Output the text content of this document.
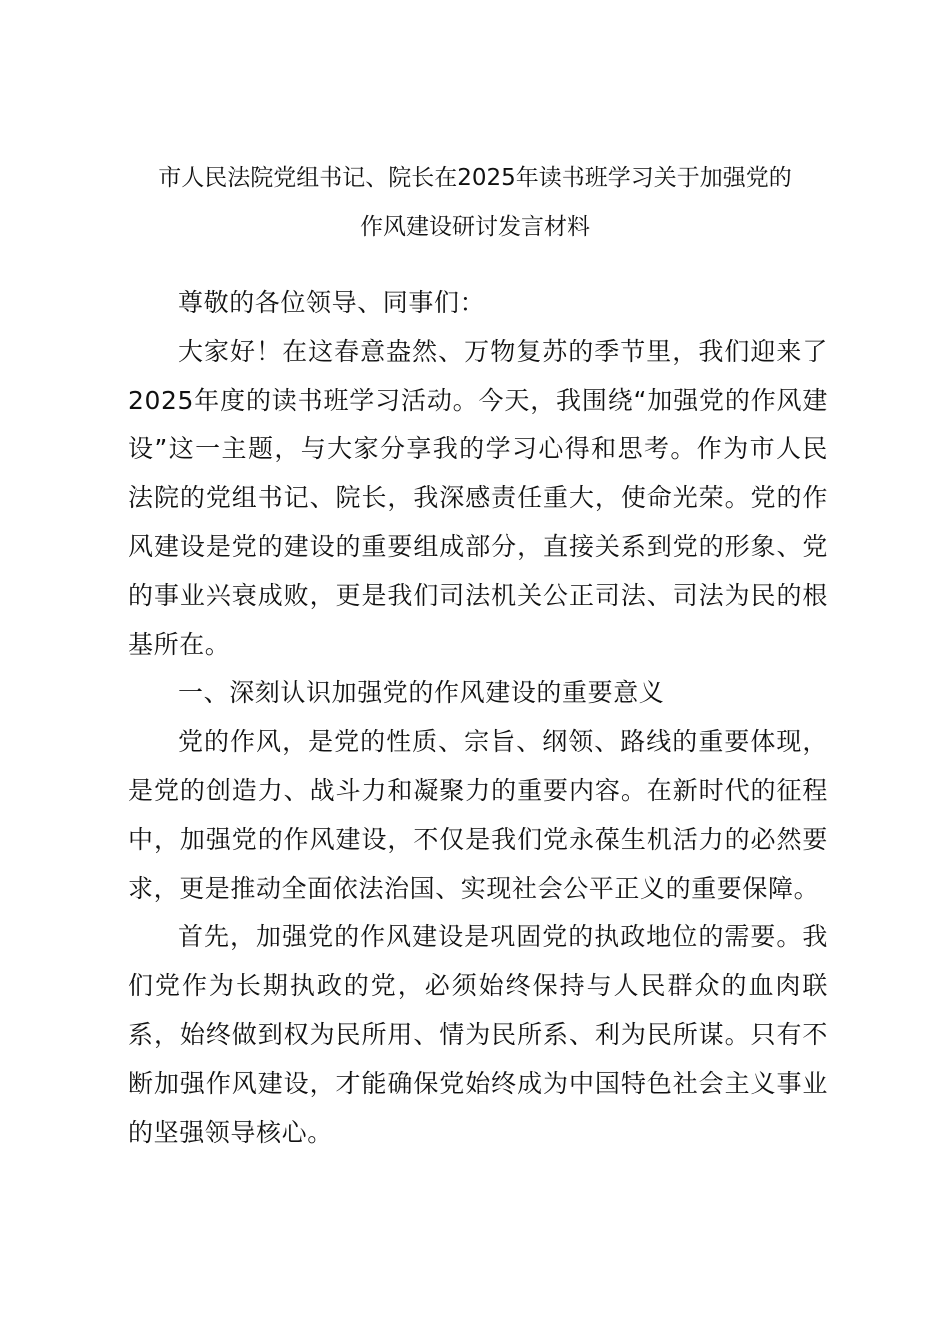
市人民法院党组书记、院长在2025年读书班学习关于加强党的
作风建设研讨发言材料

尊敬的各位领导、同事们：

大家好！在这春意盎然、万物复苏的季节里，我们迎来了2025年度的读书班学习活动。今天，我围绕“加强党的作风建设”这一主题，与大家分享我的学习心得和思考。作为市人民法院的党组书记、院长，我深感责任重大，使命光荣。党的作风建设是党的建设的重要组成部分，直接关系到党的形象、党的事业兴衰成败，更是我们司法机关公正司法、司法为民的根基所在。

一、深刻认识加强党的作风建设的重要意义

党的作风，是党的性质、宗旨、纲领、路线的重要体现，是党的创造力、战斗力和凝聚力的重要内容。在新时代的征程中，加强党的作风建设，不仅是我们党永葆生机活力的必然要求，更是推动全面依法治国、实现社会公平正义的重要保障。

首先，加强党的作风建设是巩固党的执政地位的需要。我们党作为长期执政的党，必须始终保持与人民群众的血肉联系，始终做到权为民所用、情为民所系、利为民所谋。只有不断加强作风建设，才能确保党始终成为中国特色社会主义事业的坚强领导核心。
